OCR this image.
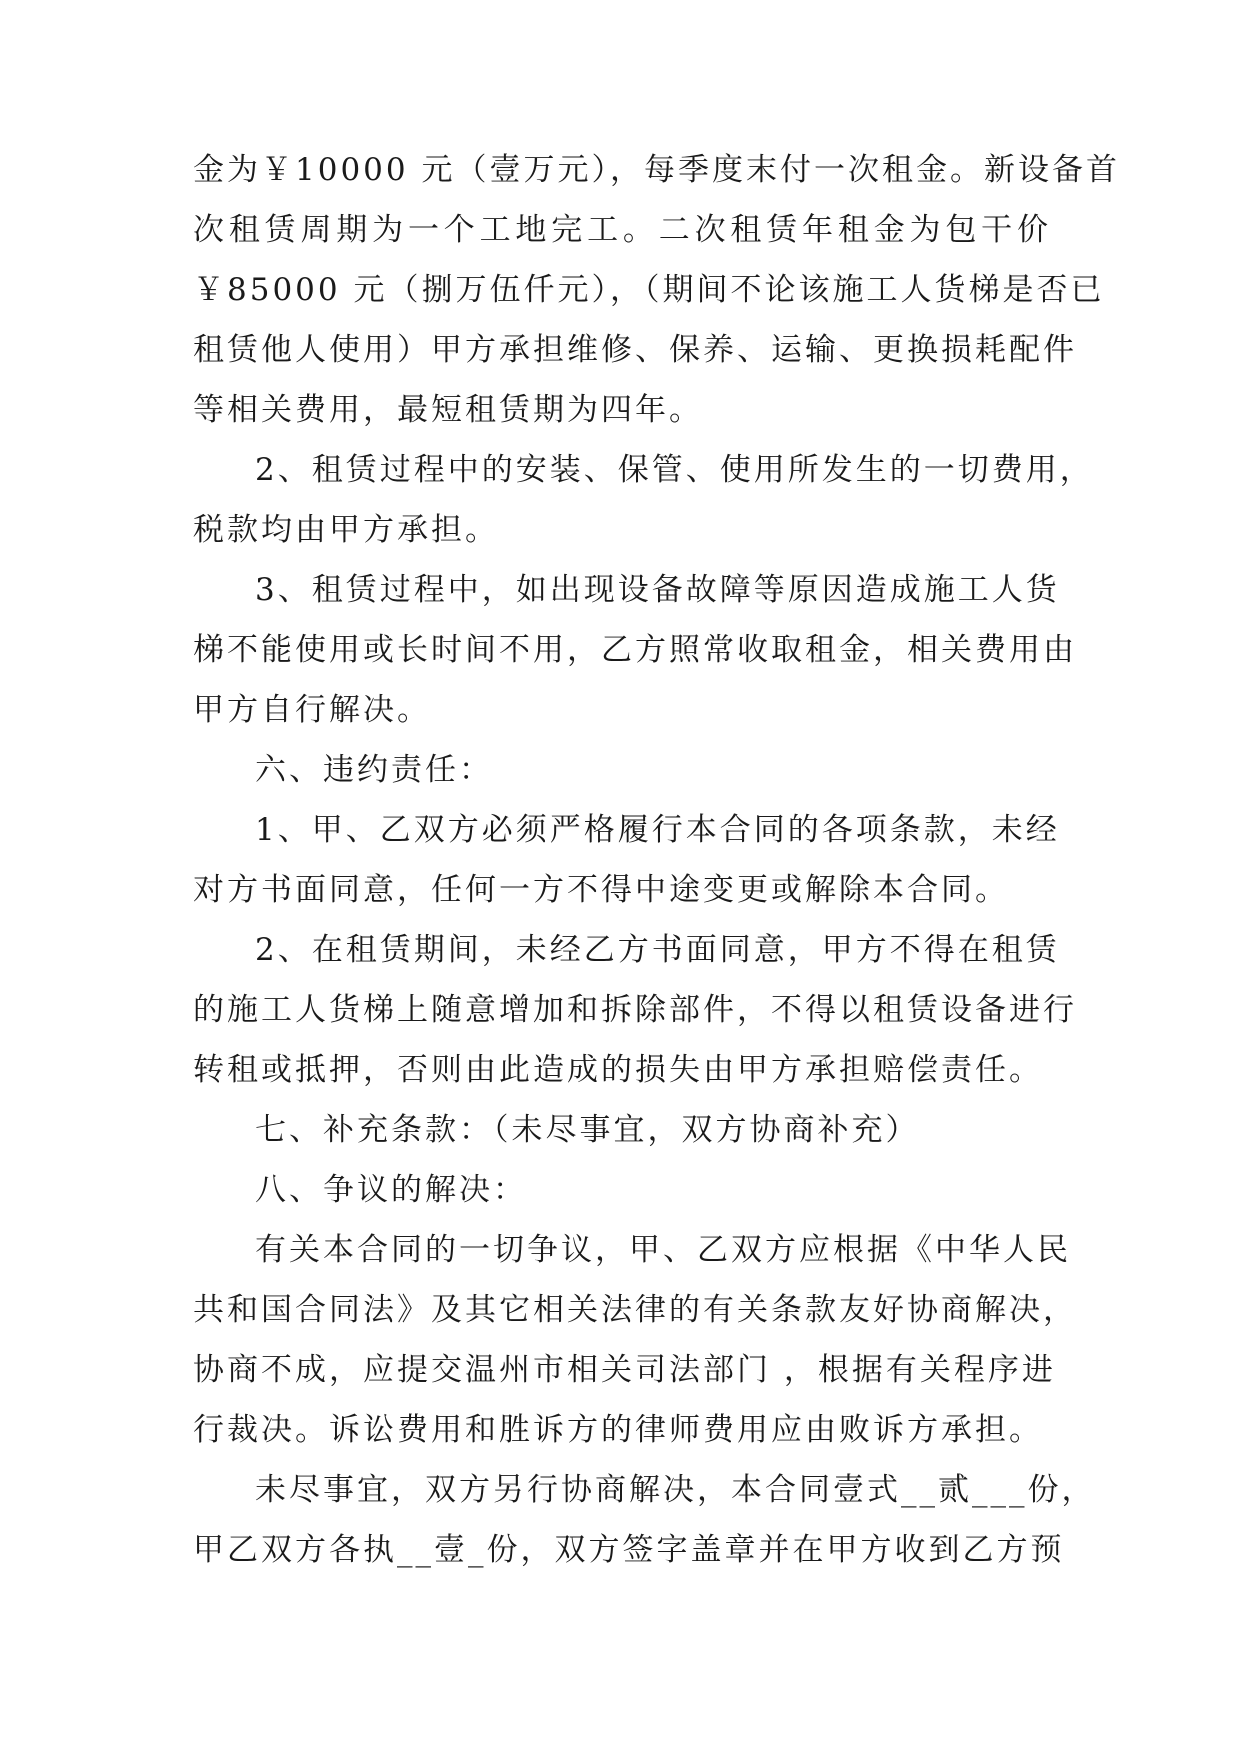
金为￥10000 元（壹万元），每季度末付一次租金。新设备首
次租赁周期为一个工地完工。二次租赁年租金为包干价
￥85000 元（捌万伍仟元），（期间不论该施工人货梯是否已
租赁他人使用）甲方承担维修、保养、运输、更换损耗配件
等相关费用，最短租赁期为四年。
2、租赁过程中的安装、保管、使用所发生的一切费用，
税款均由甲方承担。
3、租赁过程中，如出现设备故障等原因造成施工人货
梯不能使用或长时间不用，乙方照常收取租金，相关费用由
甲方自行解决。
六、违约责任：
1、甲、乙双方必须严格履行本合同的各项条款，未经
对方书面同意，任何一方不得中途变更或解除本合同。
2、在租赁期间，未经乙方书面同意，甲方不得在租赁
的施工人货梯上随意增加和拆除部件，不得以租赁设备进行
转租或抵押，否则由此造成的损失由甲方承担赔偿责任。
七、补充条款：（未尽事宜，双方协商补充）
八、争议的解决：
有关本合同的一切争议，甲、乙双方应根据《中华人民
共和国合同法》及其它相关法律的有关条款友好协商解决，
协商不成，应提交温州市相关司法部门 ，根据有关程序进
行裁决。诉讼费用和胜诉方的律师费用应由败诉方承担。
未尽事宜，双方另行协商解决，本合同壹式__贰___份，
甲乙双方各执__壹_份，双方签字盖章并在甲方收到乙方预
